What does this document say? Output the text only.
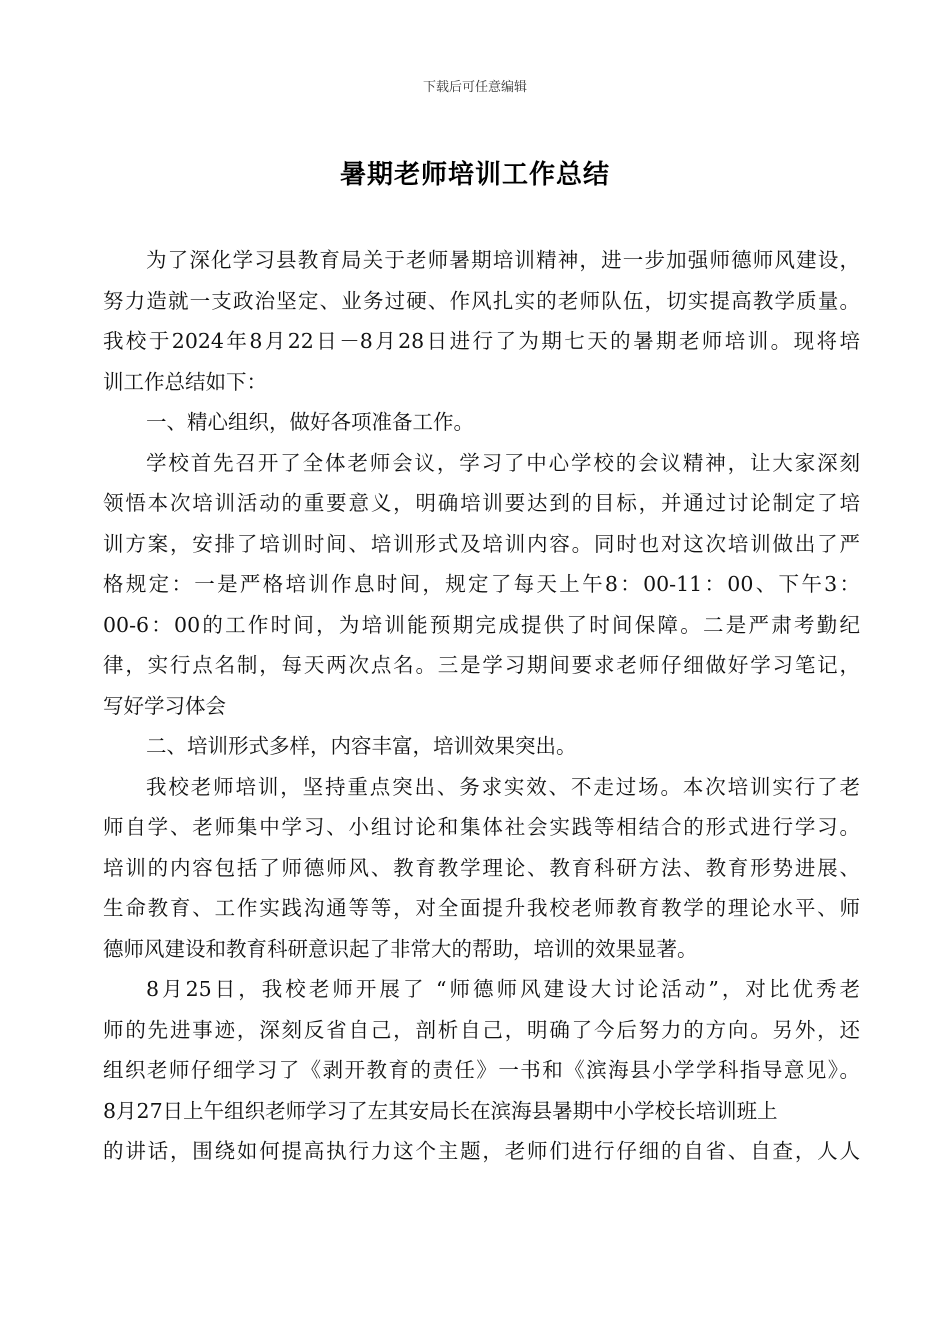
下载后可任意编辑
暑期老师培训工作总结
为了深化学习县教育局关于老师暑期培训精神，进一步加强师德师风建设，
努力造就一支政治坚定、业务过硬、作风扎实的老师队伍，切实提高教学质量。
我校于2024年8月22日－8月28日进行了为期七天的暑期老师培训。现将培
训工作总结如下：
一、精心组织，做好各项准备工作。
学校首先召开了全体老师会议，学习了中心学校的会议精神，让大家深刻
领悟本次培训活动的重要意义，明确培训要达到的目标，并通过讨论制定了培
训方案，安排了培训时间、培训形式及培训内容。同时也对这次培训做出了严
格规定：一是严格培训作息时间，规定了每天上午8：00-11：00、下午3：
00-6：00的工作时间，为培训能预期完成提供了时间保障。二是严肃考勤纪
律，实行点名制，每天两次点名。三是学习期间要求老师仔细做好学习笔记，
写好学习体会
二、培训形式多样，内容丰富，培训效果突出。
我校老师培训，坚持重点突出、务求实效、不走过场。本次培训实行了老
师自学、老师集中学习、小组讨论和集体社会实践等相结合的形式进行学习。
培训的内容包括了师德师风、教育教学理论、教育科研方法、教育形势进展、
生命教育、工作实践沟通等等，对全面提升我校老师教育教学的理论水平、师
德师风建设和教育科研意识起了非常大的帮助，培训的效果显著。
8月25日，我校老师开展了 “师德师风建设大讨论活动”，对比优秀老
师的先进事迹，深刻反省自己，剖析自己，明确了今后努力的方向。另外，还
组织老师仔细学习了《剥开教育的责任》一书和《滨海县小学学科指导意见》。
8月27日上午组织老师学习了左其安局长在滨海县暑期中小学校长培训班上
的讲话，围绕如何提高执行力这个主题，老师们进行仔细的自省、自查，人人
